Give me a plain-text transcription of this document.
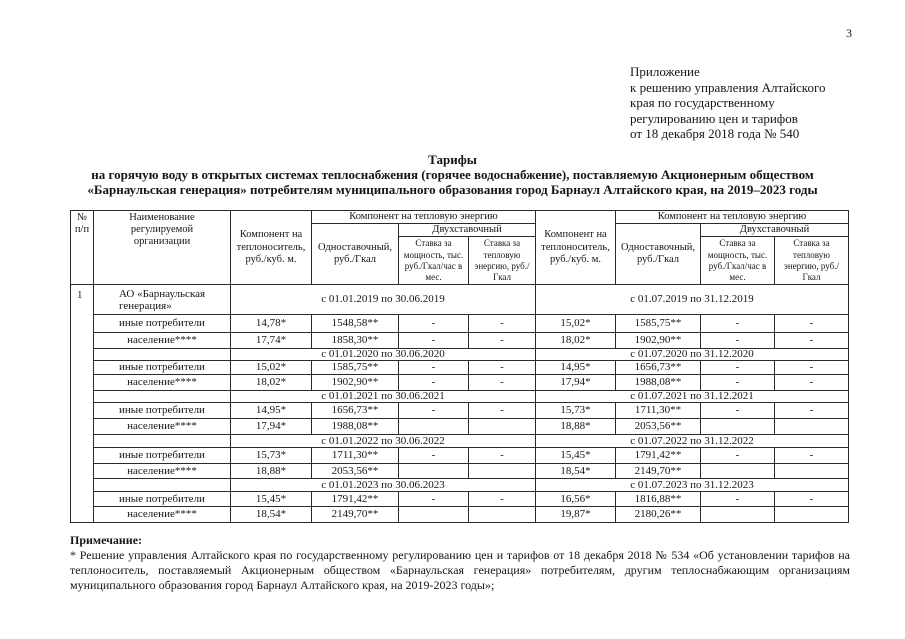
3
Приложение
к решению управления Алтайского
края по государственному
регулированию цен и тарифов
от 18 декабря 2018 года № 540
Тарифы
на горячую воду в открытых системах теплоснабжения (горячее водоснабжение), поставляемую Акционерным обществом
«Барнаульская генерация» потребителям муниципального образования город Барнаул Алтайского края, на 2019–2023 годы
№ п/п	Наименование регулируемой организации	Компонент на теплоноситель, руб./куб. м.	Компонент на тепловую энергию			Компонент на теплоноситель, руб./куб. м.	Компонент на тепловую энергию		
			Одноставочный, руб./Гкал	Двухставочный			Одноставочный, руб./Гкал	Двухставочный	
				Ставка за мощность, тыс. руб./Гкал/час в мес.	Ставка за тепловую энергию, руб./Гкал			Ставка за мощность, тыс. руб./Гкал/час в мес.	Ставка за тепловую энергию, руб./Гкал
1	АО «Барнаульская генерация»	с 01.01.2019 по 30.06.2019				с 01.07.2019 по 31.12.2019			
	иные потребители	14,78*	1548,58**	-	-	15,02*	1585,75**	-	-
	население****	17,74*	1858,30**	-	-	18,02*	1902,90**	-	-
		с 01.01.2020 по 30.06.2020				с 01.07.2020 по 31.12.2020			
	иные потребители	15,02*	1585,75**	-	-	14,95*	1656,73**	-	-
	население****	18,02*	1902,90**	-	-	17,94*	1988,08**	-	-
		с 01.01.2021 по 30.06.2021				с 01.07.2021 по 31.12.2021			
	иные потребители	14,95*	1656,73**	-	-	15,73*	1711,30**	-	-
	население****	17,94*	1988,08**			18,88*	2053,56**		
		с 01.01.2022 по 30.06.2022				с 01.07.2022 по 31.12.2022			
	иные потребители	15,73*	1711,30**	-	-	15,45*	1791,42**	-	-
	население****	18,88*	2053,56**			18,54*	2149,70**		
		с 01.01.2023 по 30.06.2023				с 01.07.2023 по 31.12.2023			
	иные потребители	15,45*	1791,42**	-	-	16,56*	1816,88**	-	-
	население****	18,54*	2149,70**			19,87*	2180,26**		
Примечание:
* Решение управления Алтайского края по государственному регулированию цен и тарифов от 18 декабря 2018 № 534 «Об установлении тарифов на
теплоноситель, поставляемый Акционерным обществом «Барнаульская генерация» потребителям, другим теплоснабжающим организациям
муниципального образования город Барнаул Алтайского края, на 2019-2023 годы»;
